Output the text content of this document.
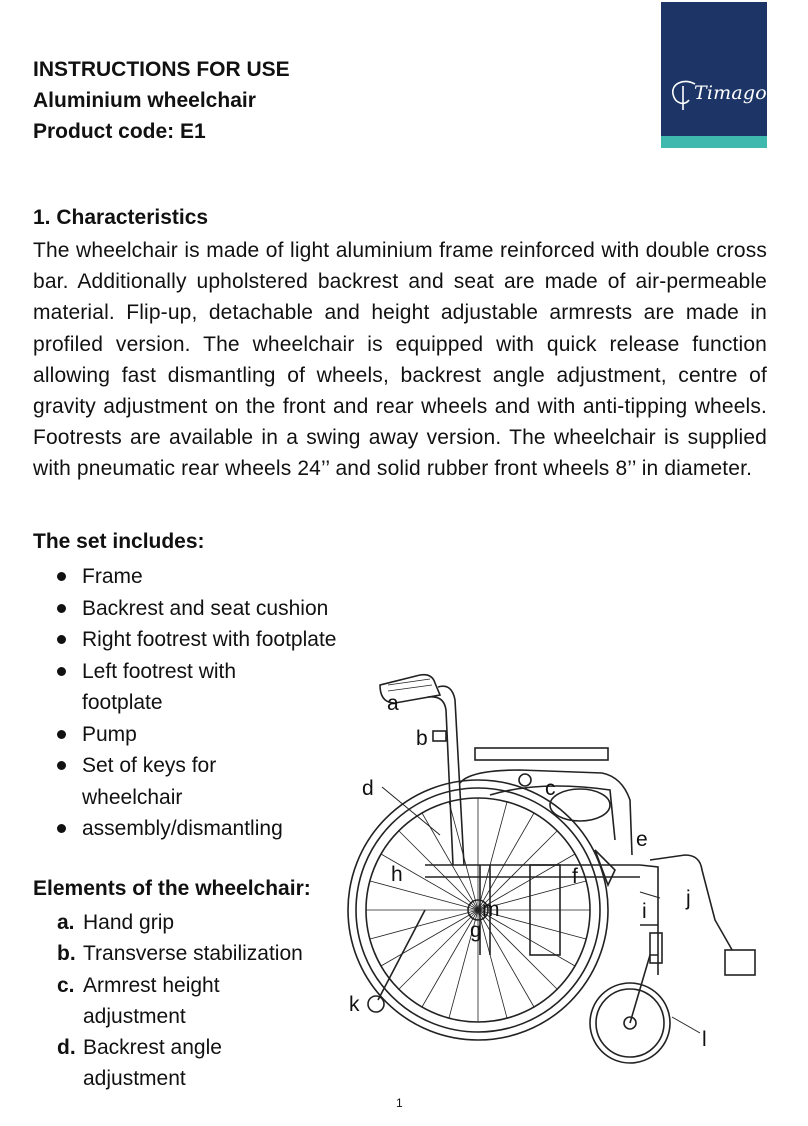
INSTRUCTIONS FOR USE
Aluminium wheelchair
Product code: E1
Timago
1. Characteristics
The wheelchair is made of light aluminium frame reinforced with double cross bar. Additionally upholstered backrest and seat are made of air-permeable material. Flip-up, detachable and height adjustable armrests are made in profiled version. The wheelchair is equipped with quick release function allowing fast dismantling of wheels, backrest angle adjustment, centre of gravity adjustment on the front and rear wheels and with anti-tipping wheels. Footrests are available in a swing away version. The wheelchair is supplied with pneumatic rear wheels 24’’ and solid rubber front wheels 8’’ in diameter.
The set includes:
Frame
Backrest and seat cushion
Right footrest with footplate
Left footrest with footplate
Pump
Set of keys for wheelchair
assembly/dismantling
Elements of the wheelchair:
a. Hand grip
b. Transverse stabilization
c. Armrest height adjustment
d. Backrest angle adjustment
a
b
c
d
e
f
g
h
i
j
k
l
m
1
